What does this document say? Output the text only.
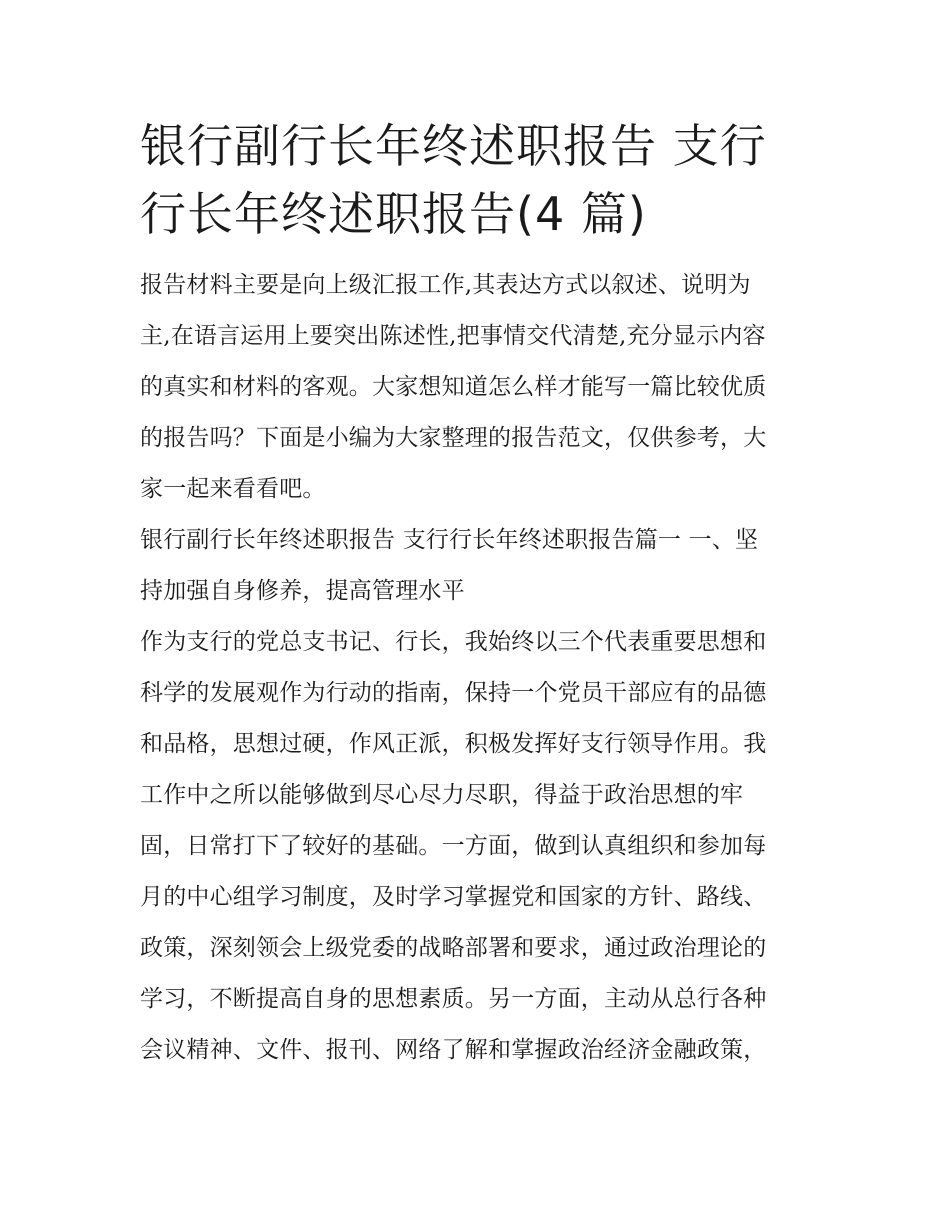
银行副行长年终述职报告 支行
行长年终述职报告(4 篇)

报告材料主要是向上级汇报工作,其表达方式以叙述、说明为
主,在语言运用上要突出陈述性,把事情交代清楚,充分显示内容
的真实和材料的客观。大家想知道怎么样才能写一篇比较优质
的报告吗？下面是小编为大家整理的报告范文，仅供参考，大
家一起来看看吧。

银行副行长年终述职报告 支行行长年终述职报告篇一 一、坚
持加强自身修养，提高管理水平

作为支行的党总支书记、行长，我始终以三个代表重要思想和
科学的发展观作为行动的指南，保持一个党员干部应有的品德
和品格，思想过硬，作风正派，积极发挥好支行领导作用。我
工作中之所以能够做到尽心尽力尽职，得益于政治思想的牢
固，日常打下了较好的基础。一方面，做到认真组织和参加每
月的中心组学习制度，及时学习掌握党和国家的方针、路线、
政策，深刻领会上级党委的战略部署和要求，通过政治理论的
学习，不断提高自身的思想素质。另一方面，主动从总行各种
会议精神、文件、报刊、网络了解和掌握政治经济金融政策，
